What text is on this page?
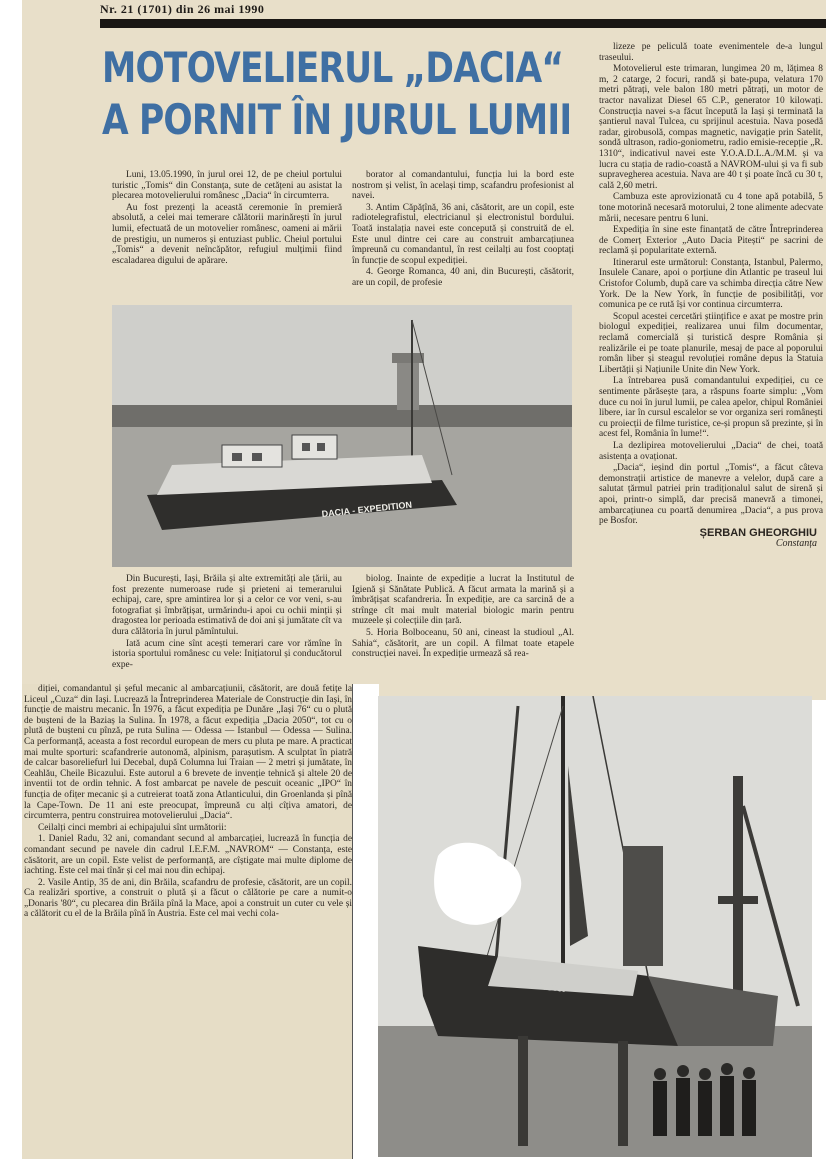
Nr. 21 (1701) din 26 mai 1990
MOTOVELIERUL „DACIA“
A PORNIT ÎN JURUL LUMII

Luni, 13.05.1990, în jurul orei 12, de pe cheiul portului turistic „Tomis“ din Constanța, sute de cetățeni au asistat la plecarea motovelierului românesc „Dacia“ în circumterra.

Au fost prezenți la această ceremonie în premieră absolută, a celei mai temerare călătorii marinărești în jurul lumii, efectuată de un motovelier românesc, oameni ai mării de prestigiu, un numeros și entuziast public. Cheiul portului „Tomis“ a devenit neîncăpător, refugiul mulțimii fiind escaladarea digului de apărare.

borator al comandantului, funcția lui la bord este nostrom și velist, în același timp, scafandru profesionist al navei.

3. Antim Căpățînă, 36 ani, căsătorit, are un copil, este radiotelegrafistul, electricianul și electronistul bordului. Toată instalația navei este concepută și construită de el. Este unul dintre cei care au construit ambarcațiunea împreună cu comandantul, în rest ceilalți au fost cooptați în funcție de scopul expediției.

4. George Romanca, 40 ani, din București, căsătorit, are un copil, de profesie

lizeze pe peliculă toate evenimentele de-a lungul traseului.

Motovelierul este trimaran, lungimea 20 m, lățimea 8 m, 2 catarge, 2 focuri, randă și bate-pupa, velatura 170 metri pătrați, vele balon 180 metri pătrați, un motor de tractor navalizat Diesel 65 C.P., generator 10 kilowați. Construcția navei s-a făcut începută la Iași și terminată la șantierul naval Tulcea, cu sprijinul acestuia. Nava posedă radar, girobusolă, compas magnetic, navigație prin Satelit, sondă ultrason, radio-goniometru, radio emisie-recepție „R. 1310“, indicativul navei este Y.O.A.D.L.A./M.M. și va lucra cu stația de radio-coastă a NAVROM-ului și va fi sub supravegherea acestuia. Nava are 40 t și poate încă cu 30 t, cală 2,60 metri.

Cambuza este aprovizionată cu 4 tone apă potabilă, 5 tone motorină necesară motorului, 2 tone alimente adecvate mării, necesare pentru 6 luni.

Expediția în sine este finanțată de către Întreprinderea de Comerț Exterior „Auto Dacia Pitești“ pe sacrini de reclamă și popularitate externă.

Itinerarul este următorul: Constanța, Istanbul, Palermo, Insulele Canare, apoi o porțiune din Atlantic pe traseul lui Cristofor Columb, după care va schimba direcția către New York. De la New York, în funcție de posibilități, vor comunica pe ce rută își vor continua circumterra.

Scopul acestei cercetări științifice e axat pe mostre prin biologul expediției, realizarea unui film documentar, reclamă comercială și turistică despre România și realizările ei pe toate planurile, mesaj de pace al poporului român liber și steagul revoluției române depus la Statuia Libertății și Națiunile Unite din New York.

La întrebarea pusă comandantului expediției, cu ce sentimente părăsește țara, a răspuns foarte simplu: „Vom duce cu noi în jurul lumii, pe calea apelor, chipul României libere, iar în cursul escalelor se vor organiza seri românești cu proiecții de filme turistice, ce-și propun să prezinte, și în acest fel, România în lume!“.

La dezlipirea motovelierului „Dacia“ de chei, toată asistența a ovaționat.

„Dacia“, ieșind din portul „Tomis“, a făcut câteva demonstrații artistice de manevre a velelor, după care a salutat țărmul patriei prin tradiționalul salut de sirenă și apoi, printr-o simplă, dar precisă manevră a timonei, ambarcațiunea cu poartă denumirea „Dacia“, a pus prova pe Bosfor.

ȘERBAN GHEORGHIU

Constanța

DACIA - EXPEDITION

Din București, Iași, Brăila și alte extremități ale țării, au fost prezente numeroase rude și prieteni ai temerarului echipaj, care, spre amintirea lor și a celor ce vor veni, s-au fotografiat și îmbrățișat, urmărindu-i apoi cu ochii minții și dragostea lor perioada estimativă de doi ani și jumătate cît va dura călătoria în jurul pămîntului.

Iată acum cine sînt acești temerari care vor rămîne în istoria sportului românesc cu vele: Inițiatorul și conducătorul expe-

biolog. Înainte de expediție a lucrat la Institutul de Igienă și Sănătate Publică. A făcut armata la marină și a îmbrățișat scafandreria. În expediție, are ca sarcină de a strînge cît mai mult material biologic marin pentru muzeele și colecțiile din țară.

5. Horia Bolboceanu, 50 ani, cineast la studioul „Al. Sahia“, căsătorit, are un copil. A filmat toate etapele construcției navei. În expediție urmează să rea-

diției, comandantul și șeful mecanic al ambarcațiunii, căsătorit, are două fetițe la Liceul „Cuza“ din Iași. Lucrează la Întreprinderea Materiale de Construcție din Iași, în funcție de maistru mecanic. În 1976, a făcut expediția pe Dunăre „Iași 76“ cu o plută de bușteni de la Baziaș la Sulina. În 1978, a făcut expediția „Dacia 2050“, tot cu o plută de bușteni cu pînză, pe ruta Sulina — Odessa — Istanbul — Odessa — Sulina. Ca performanță, aceasta a fost recordul european de mers cu pluta pe mare. A practicat mai multe sporturi: scafandrerie autonomă, alpinism, parașutism. A sculptat în piatră de calcar basoreliefurl lui Decebal, după Columna lui Traian — 2 metri și jumătate, în Ceahlău, Cheile Bicazului. Este autorul a 6 brevete de invenție tehnică și altele 20 de inventii tot de ordin tehnic. A fost ambarcat pe navele de pescuit oceanic „IPO“ în funcția de ofițer mecanic și a cutreierat toată zona Atlanticului, din Groenlanda și pînă la Cape-Town. De 11 ani este preocupat, împreună cu alți cîțiva amatori, de circumterra, pentru construirea motovelierului „Dacia“.

Ceilalți cinci membri ai echipajului sînt următorii:

1. Daniel Radu, 32 ani, comandant secund al ambarcației, lucrează în funcția de comandant secund pe navele din cadrul I.E.F.M. „NAVROM“ — Constanța, este căsătorit, are un copil. Este velist de performanță, are cîștigate mai multe diplome de iachting. Este cel mai tînăr și cel mai nou din echipaj.

2. Vasile Antip, 35 de ani, din Brăila, scafandru de profesie, căsătorit, are un copil. Ca realizări sportive, a construit o plută și a făcut o călătorie pe care a numit-o „Donaris '80“, cu plecarea din Brăila pînă la Mace, apoi a construit un cuter cu vele și a călătorit cu el de la Brăila pînă în Austria. Este cel mai vechi cola-

Dacia
